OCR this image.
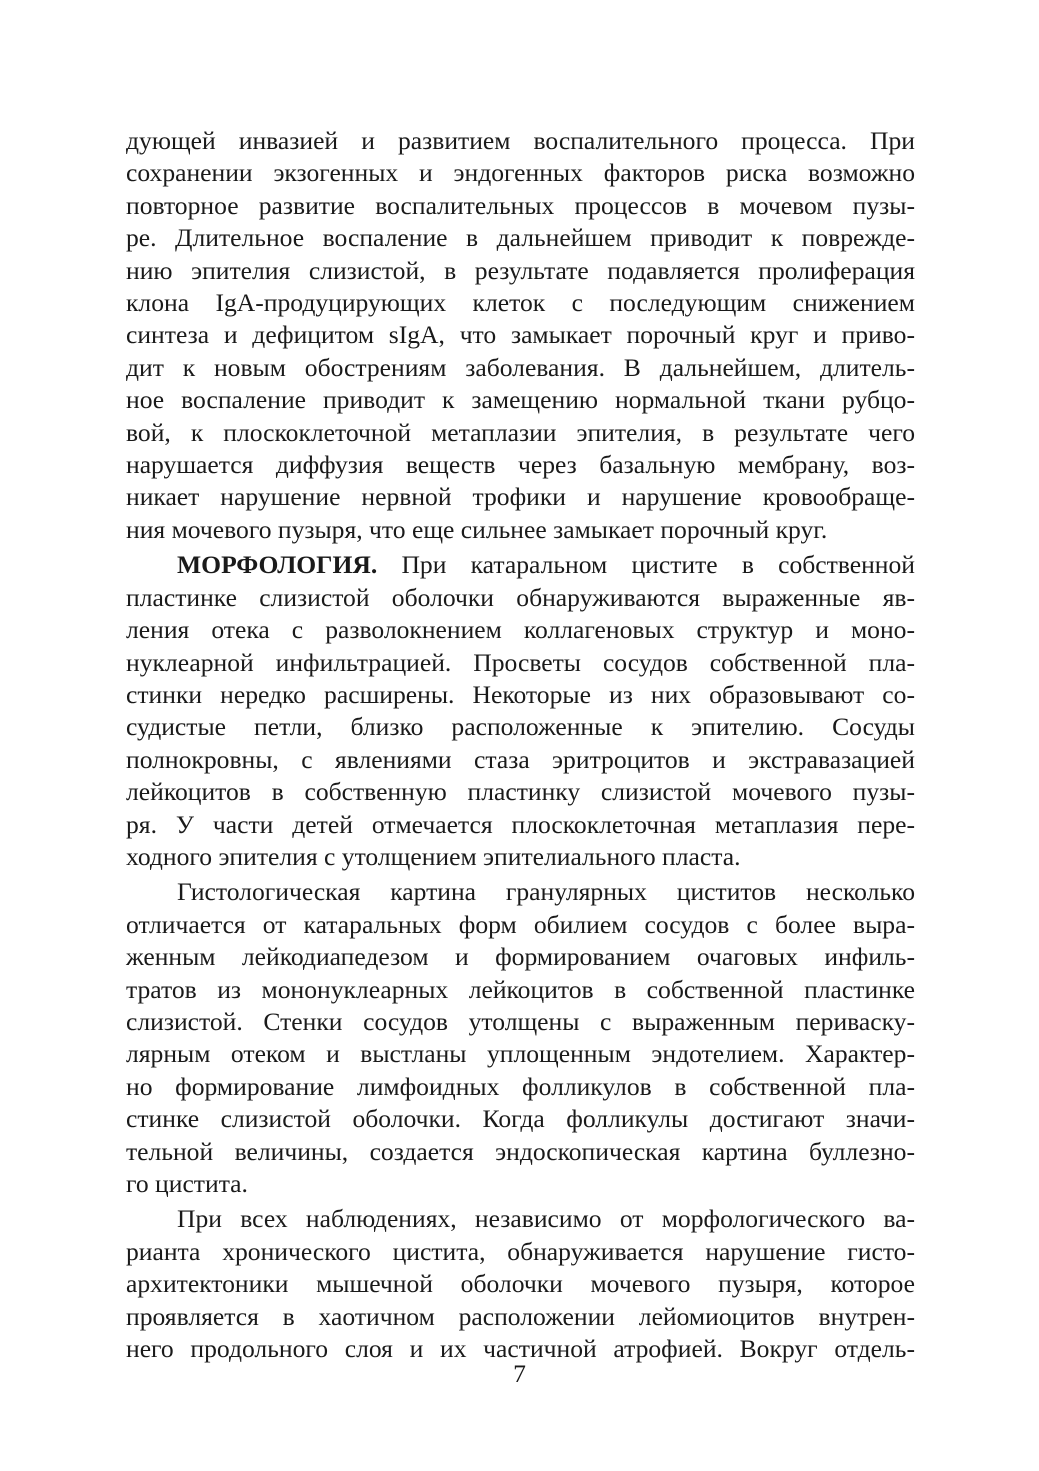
дующей инвазией и развитием воспалительного процесса. При
сохранении экзогенных и эндогенных факторов риска возможно
повторное развитие воспалительных процессов в мочевом пузы-
ре. Длительное воспаление в дальнейшем приводит к поврежде-
нию эпителия слизистой, в результате подавляется пролиферация
клона IgA-продуцирующих клеток с последующим снижением
синтеза и дефицитом sIgA, что замыкает порочный круг и приво-
дит к новым обострениям заболевания. В дальнейшем, длитель-
ное воспаление приводит к замещению нормальной ткани рубцо-
вой, к плоскоклеточной метаплазии эпителия, в результате чего
нарушается диффузия веществ через базальную мембрану, воз-
никает нарушение нервной трофики и нарушение кровообраще-
ния мочевого пузыря, что еще сильнее замыкает порочный круг.
МОРФОЛОГИЯ. При катаральном цистите в собственной
пластинке слизистой оболочки обнаруживаются выраженные яв-
ления отека с разволокнением коллагеновых структур и моно-
нуклеарной инфильтрацией. Просветы сосудов собственной пла-
стинки нередко расширены. Некоторые из них образовывают со-
судистые петли, близко расположенные к эпителию. Сосуды
полнокровны, с явлениями стаза эритроцитов и экстравазацией
лейкоцитов в собственную пластинку слизистой мочевого пузы-
ря. У части детей отмечается плоскоклеточная метаплазия пере-
ходного эпителия с утолщением эпителиального пласта.
Гистологическая картина гранулярных циститов несколько
отличается от катаральных форм обилием сосудов с более выра-
женным лейкодиапедезом и формированием очаговых инфиль-
тратов из мононуклеарных лейкоцитов в собственной пластинке
слизистой. Стенки сосудов утолщены с выраженным периваску-
лярным отеком и выстланы уплощенным эндотелием. Характер-
но формирование лимфоидных фолликулов в собственной пла-
стинке слизистой оболочки. Когда фолликулы достигают значи-
тельной величины, создается эндоскопическая картина буллезно-
го цистита.
При всех наблюдениях, независимо от морфологического ва-
рианта хронического цистита, обнаруживается нарушение гисто-
архитектоники мышечной оболочки мочевого пузыря, которое
проявляется в хаотичном расположении лейомиоцитов внутрен-
него продольного слоя и их частичной атрофией. Вокруг отдель-
7
